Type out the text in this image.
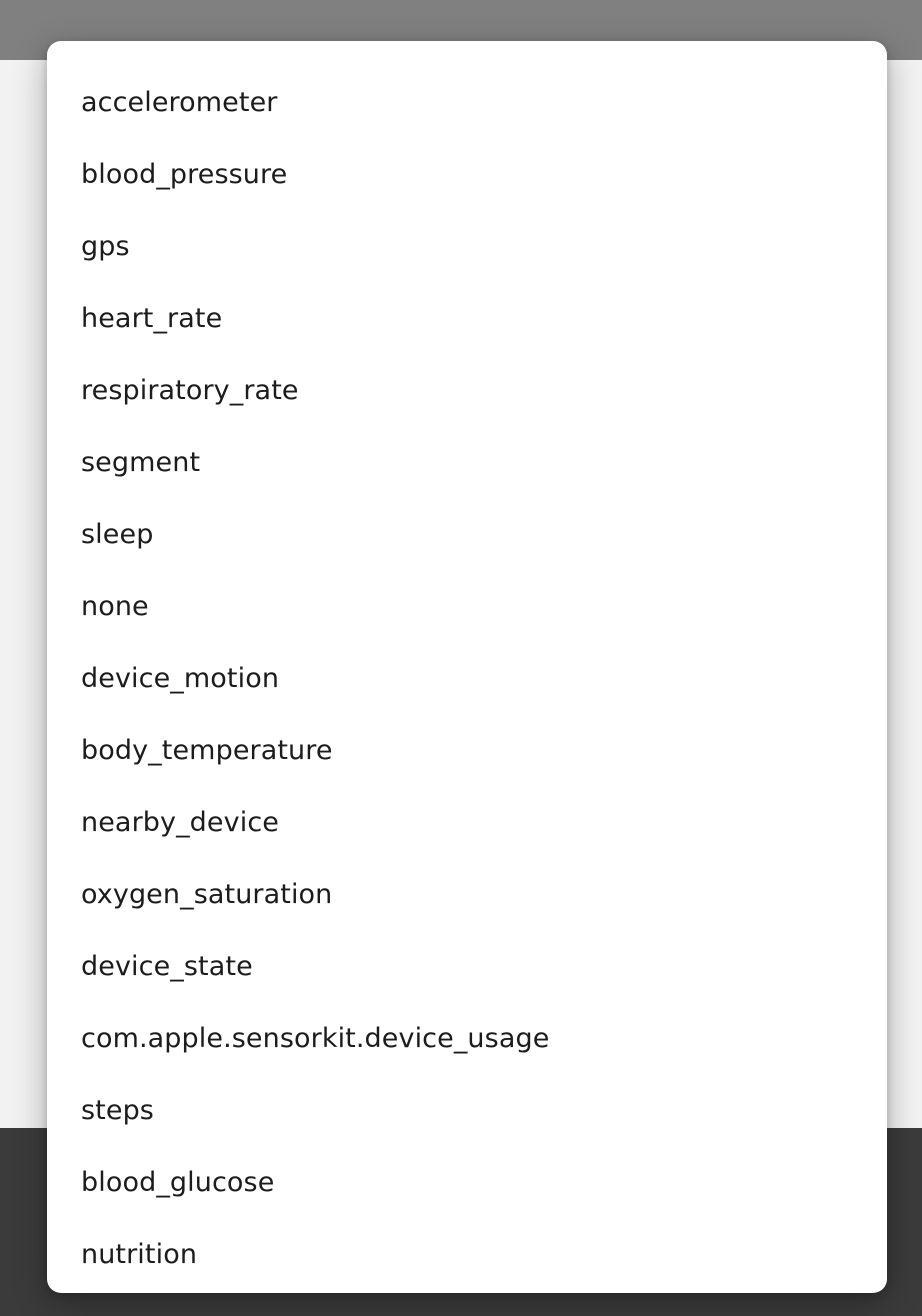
accelerometer
blood_pressure
gps
heart_rate
respiratory_rate
segment
sleep
none
device_motion
body_temperature
nearby_device
oxygen_saturation
device_state
com.apple.sensorkit.device_usage
steps
blood_glucose
nutrition
